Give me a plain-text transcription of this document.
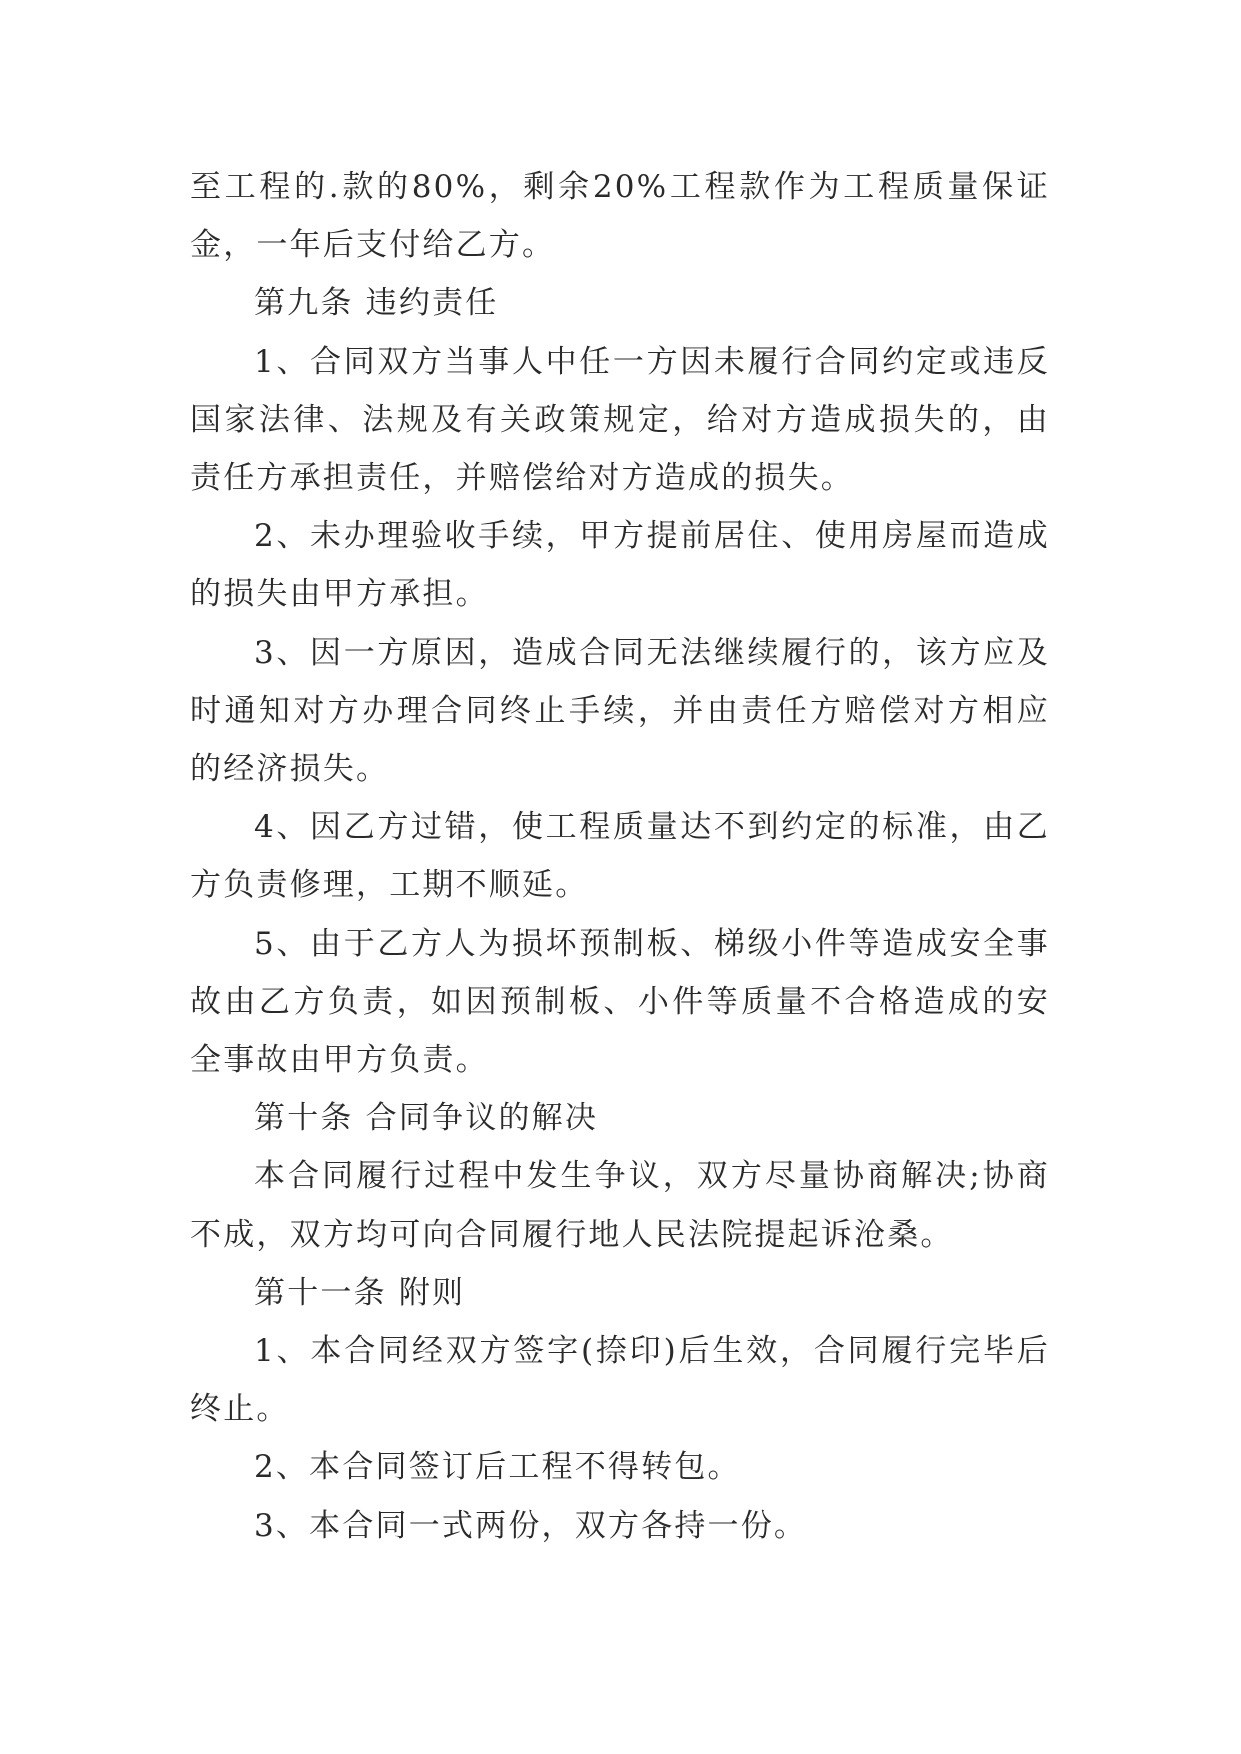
至工程的.款的80%，剩余20%工程款作为工程质量保证金，一年后支付给乙方。

第九条 违约责任

1、合同双方当事人中任一方因未履行合同约定或违反国家法律、法规及有关政策规定，给对方造成损失的，由责任方承担责任，并赔偿给对方造成的损失。

2、未办理验收手续，甲方提前居住、使用房屋而造成的损失由甲方承担。

3、因一方原因，造成合同无法继续履行的，该方应及时通知对方办理合同终止手续，并由责任方赔偿对方相应的经济损失。

4、因乙方过错，使工程质量达不到约定的标准，由乙方负责修理，工期不顺延。

5、由于乙方人为损坏预制板、梯级小件等造成安全事故由乙方负责，如因预制板、小件等质量不合格造成的安全事故由甲方负责。

第十条 合同争议的解决

本合同履行过程中发生争议，双方尽量协商解决;协商不成，双方均可向合同履行地人民法院提起诉沧桑。

第十一条 附则

1、本合同经双方签字(捺印)后生效，合同履行完毕后终止。

2、本合同签订后工程不得转包。

3、本合同一式两份，双方各持一份。
